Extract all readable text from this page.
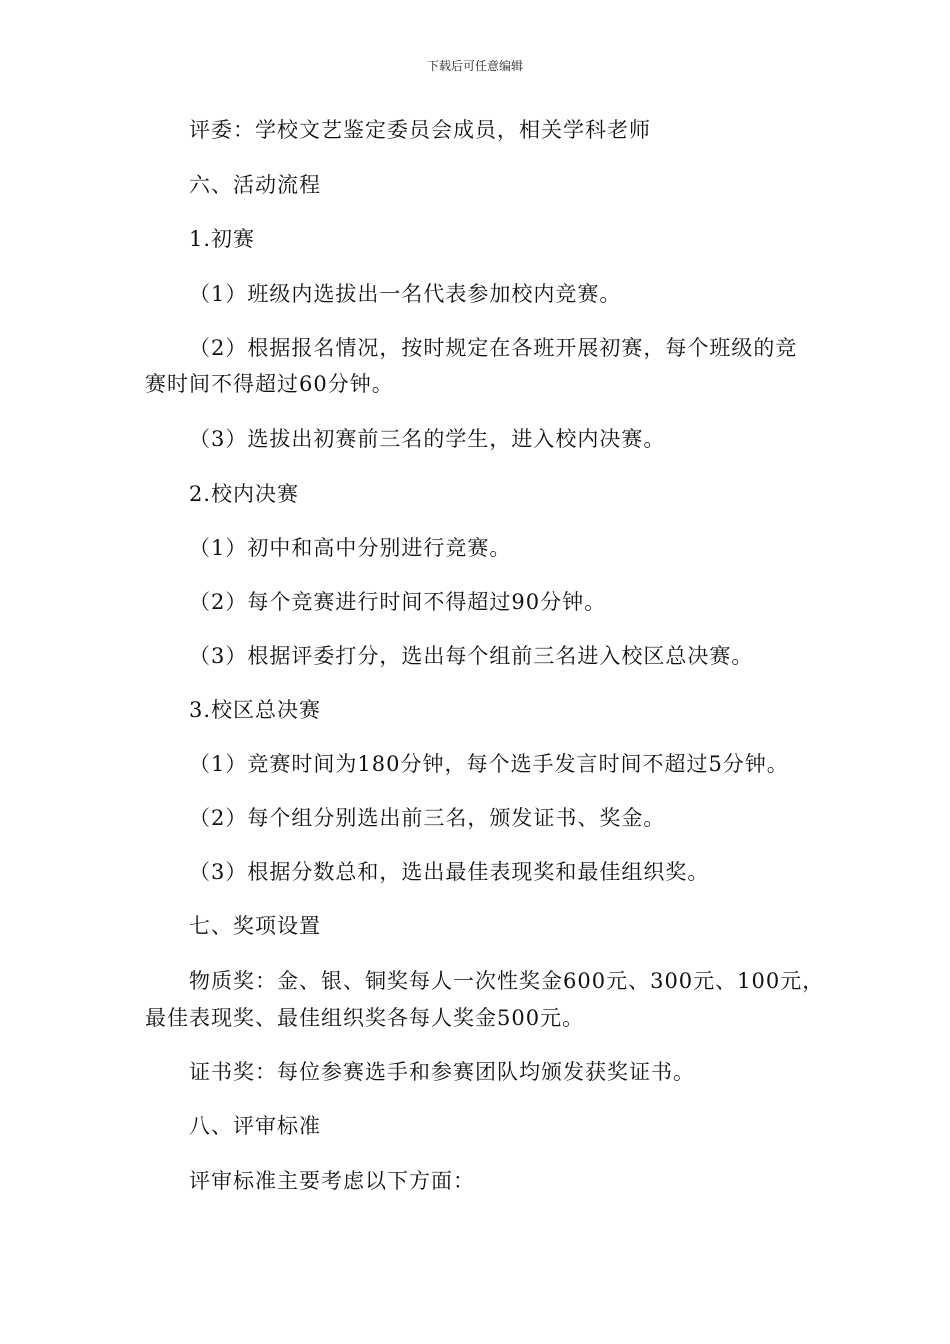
下载后可任意编辑
评委：学校文艺鉴定委员会成员，相关学科老师
六、活动流程
1.初赛
（1）班级内选拔出一名代表参加校内竞赛。
（2）根据报名情况，按时规定在各班开展初赛，每个班级的竞
赛时间不得超过60分钟。
（3）选拔出初赛前三名的学生，进入校内决赛。
2.校内决赛
（1）初中和高中分别进行竞赛。
（2）每个竞赛进行时间不得超过90分钟。
（3）根据评委打分，选出每个组前三名进入校区总决赛。
3.校区总决赛
（1）竞赛时间为180分钟，每个选手发言时间不超过5分钟。
（2）每个组分别选出前三名，颁发证书、奖金。
（3）根据分数总和，选出最佳表现奖和最佳组织奖。
七、奖项设置
物质奖：金、银、铜奖每人一次性奖金600元、300元、100元，
最佳表现奖、最佳组织奖各每人奖金500元。
证书奖：每位参赛选手和参赛团队均颁发获奖证书。
八、评审标准
评审标准主要考虑以下方面：
